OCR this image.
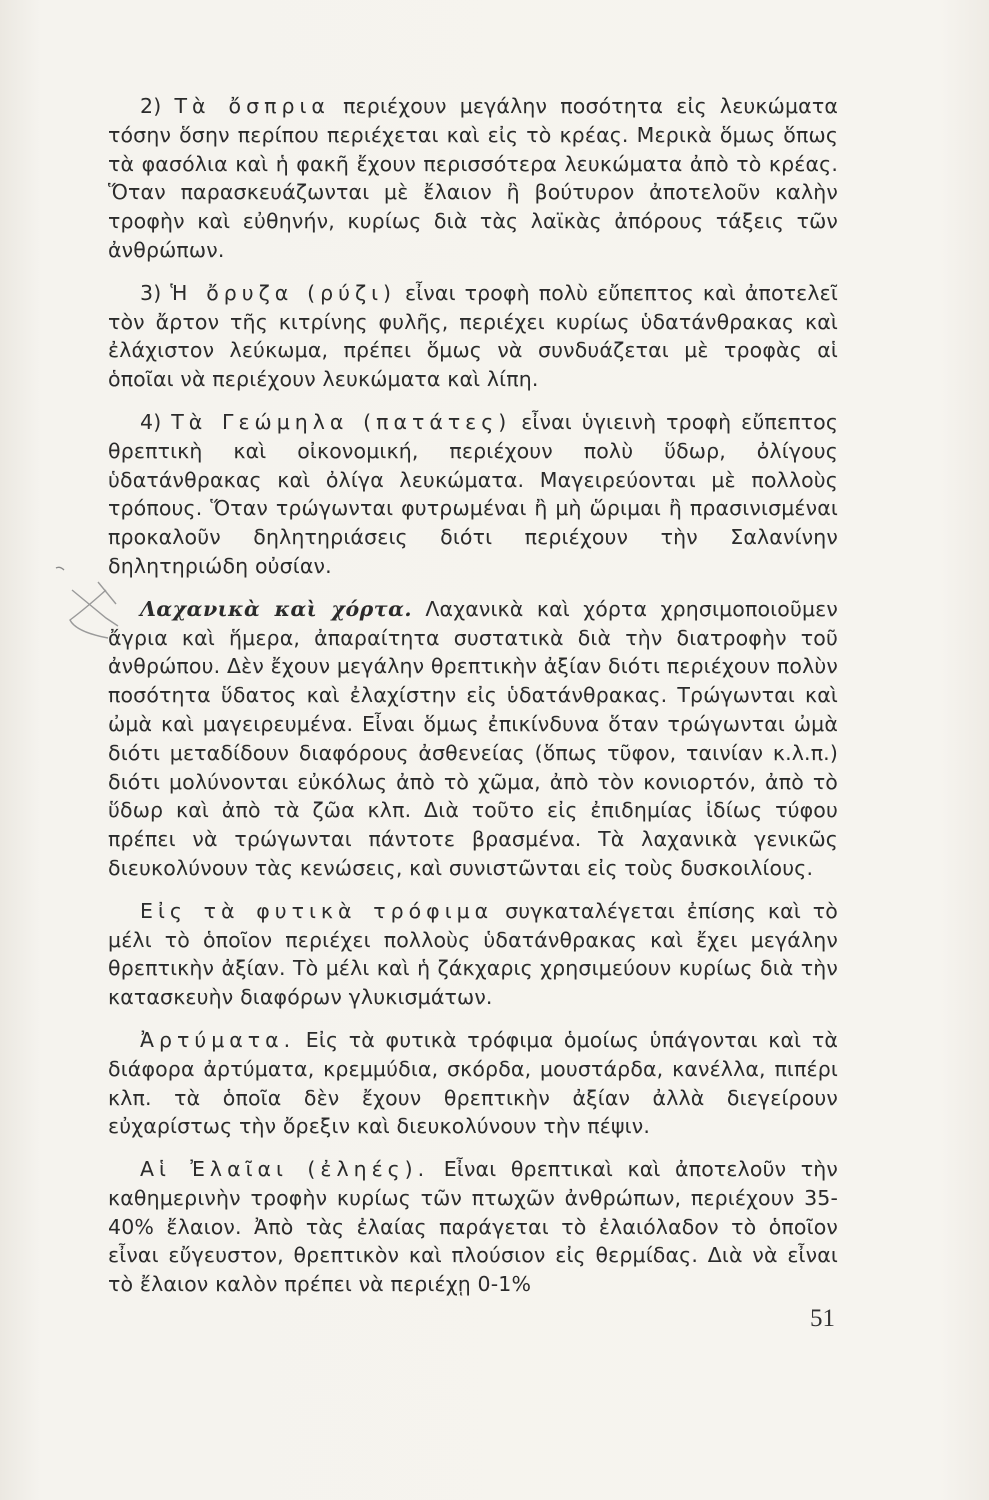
2) Τὰ ὄσπρια περιέχουν μεγάλην ποσότητα εἰς λευκώματα τόσην ὅσην περίπου περιέχεται καὶ εἰς τὸ κρέας. Μερικὰ ὅμως ὅπως τὰ φασόλια καὶ ἡ φακῆ ἔχουν περισσότερα λευκώματα ἀπὸ τὸ κρέας. Ὅταν παρασκευάζωνται μὲ ἔλαιον ἢ βούτυρον ἀποτελοῦν καλὴν τροφὴν καὶ εὐθηνήν, κυρίως διὰ τὰς λαϊκὰς ἀπόρους τάξεις τῶν ἀνθρώπων.

3) Ἡ ὄρυζα (ρύζι) εἶναι τροφὴ πολὺ εὔπεπτος καὶ ἀποτελεῖ τὸν ἄρτον τῆς κιτρίνης φυλῆς, περιέχει κυρίως ὑδατάνθρακας καὶ ἐλάχιστον λεύκωμα, πρέπει ὅμως νὰ συνδυάζεται μὲ τροφὰς αἱ ὁποῖαι νὰ περιέχουν λευκώματα καὶ λίπη.

4) Τὰ Γεώμηλα (πατάτες) εἶναι ὑγιεινὴ τροφὴ εὔπεπτος θρεπτικὴ καὶ οἰκονομική, περιέχουν πολὺ ὕδωρ, ὀλίγους ὑδατάνθρακας καὶ ὀλίγα λευκώματα. Μαγειρεύονται μὲ πολλοὺς τρόπους. Ὅταν τρώγωνται φυτρωμέναι ἢ μὴ ὥριμαι ἢ πρασινισμέναι προκαλοῦν δηλητηριάσεις διότι περιέχουν τὴν Σαλανίνην δηλητηριώδη οὐσίαν.

Λαχανικὰ καὶ χόρτα. Λαχανικὰ καὶ χόρτα χρησιμοποιοῦμεν ἄγρια καὶ ἥμερα, ἀπαραίτητα συστατικὰ διὰ τὴν διατροφὴν τοῦ ἀνθρώπου. Δὲν ἔχουν μεγάλην θρεπτικὴν ἀξίαν διότι περιέχουν πολὺν ποσότητα ὕδατος καὶ ἐλαχίστην εἰς ὑδατάνθρακας. Τρώγωνται καὶ ὠμὰ καὶ μαγειρευμένα. Εἶναι ὅμως ἐπικίνδυνα ὅταν τρώγωνται ὠμὰ διότι μεταδίδουν διαφόρους ἀσθενείας (ὅπως τῦφον, ταινίαν κ.λ.π.) διότι μολύνονται εὐκόλως ἀπὸ τὸ χῶμα, ἀπὸ τὸν κονιορτόν, ἀπὸ τὸ ὕδωρ καὶ ἀπὸ τὰ ζῶα κλπ. Διὰ τοῦτο εἰς ἐπιδημίας ἰδίως τύφου πρέπει νὰ τρώγωνται πάντοτε βρασμένα. Τὰ λαχανικὰ γενικῶς διευκολύνουν τὰς κενώσεις, καὶ συνιστῶνται εἰς τοὺς δυσκοιλίους.

Εἰς τὰ φυτικὰ τρόφιμα συγκαταλέγεται ἐπίσης καὶ τὸ μέλι τὸ ὁποῖον περιέχει πολλοὺς ὑδατάνθρακας καὶ ἔχει μεγάλην θρεπτικὴν ἀξίαν. Τὸ μέλι καὶ ἡ ζάκχαρις χρησιμεύουν κυρίως διὰ τὴν κατασκευὴν διαφόρων γλυκισμάτων.

Ἀρτύματα. Εἰς τὰ φυτικὰ τρόφιμα ὁμοίως ὑπάγονται καὶ τὰ διάφορα ἀρτύματα, κρεμμύδια, σκόρδα, μουστάρδα, κανέλλα, πιπέρι κλπ. τὰ ὁποῖα δὲν ἔχουν θρεπτικὴν ἀξίαν ἀλλὰ διεγείρουν εὐχαρίστως τὴν ὄρεξιν καὶ διευκολύνουν τὴν πέψιν.

Αἱ Ἐλαῖαι (ἐληές). Εἶναι θρεπτικαὶ καὶ ἀποτελοῦν τὴν καθημερινὴν τροφὴν κυρίως τῶν πτωχῶν ἀνθρώπων, περιέχουν 35-40% ἔλαιον. Ἀπὸ τὰς ἐλαίας παράγεται τὸ ἐλαιόλαδον τὸ ὁποῖον εἶναι εὔγευστον, θρεπτικὸν καὶ πλούσιον εἰς θερμίδας. Διὰ νὰ εἶναι τὸ ἔλαιον καλὸν πρέπει νὰ περιέχῃ 0-1%

51
